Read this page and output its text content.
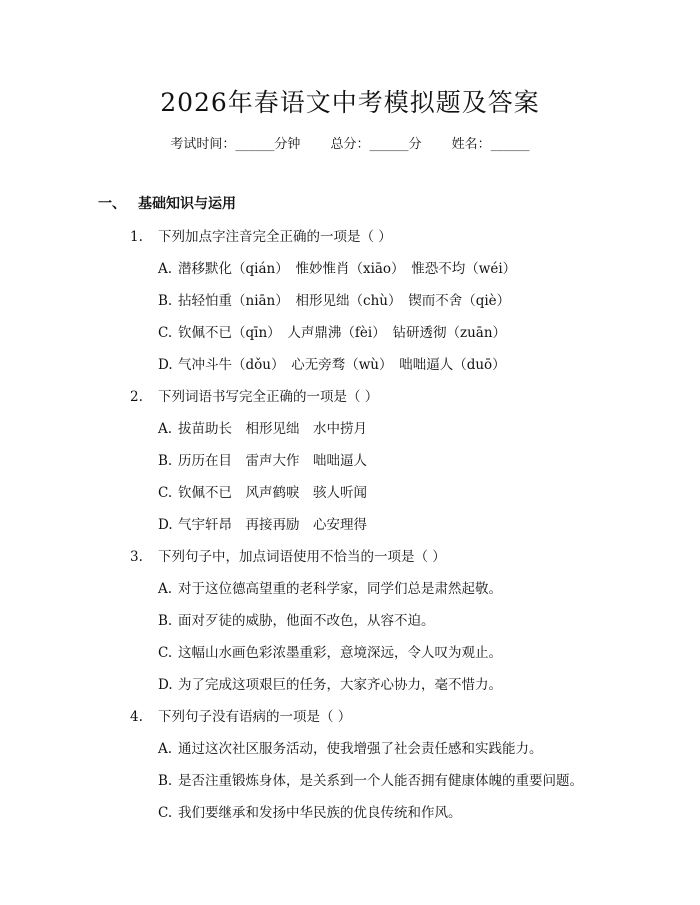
2026年春语文中考模拟题及答案
考试时间：______分钟 总分：______分 姓名：______
一、 基础知识与运用
1. 下列加点字注音完全正确的一项是（ ）
A. 潜移默化（qián）　惟妙惟肖（xiāo）　惟恐不均（wéi）
B. 拈轻怕重（niān）　相形见绌（chù）　锲而不舍（qiè）
C. 钦佩不已（qīn）　人声鼎沸（fèi）　钻研透彻（zuān）
D. 气冲斗牛（dǒu）　心无旁骛（wù）　咄咄逼人（duō）
2. 下列词语书写完全正确的一项是（ ）
A. 拔苗助长　相形见绌　水中捞月
B. 历历在目　雷声大作　咄咄逼人
C. 钦佩不已　风声鹤唳　骇人听闻
D. 气宇轩昂　再接再励　心安理得
3. 下列句子中，加点词语使用不恰当的一项是（ ）
A. 对于这位德高望重的老科学家，同学们总是肃然起敬。
B. 面对歹徒的威胁，他面不改色，从容不迫。
C. 这幅山水画色彩浓墨重彩，意境深远，令人叹为观止。
D. 为了完成这项艰巨的任务，大家齐心协力，毫不惜力。
4. 下列句子没有语病的一项是（ ）
A. 通过这次社区服务活动，使我增强了社会责任感和实践能力。
B. 是否注重锻炼身体，是关系到一个人能否拥有健康体魄的重要问题。
C. 我们要继承和发扬中华民族的优良传统和作风。
